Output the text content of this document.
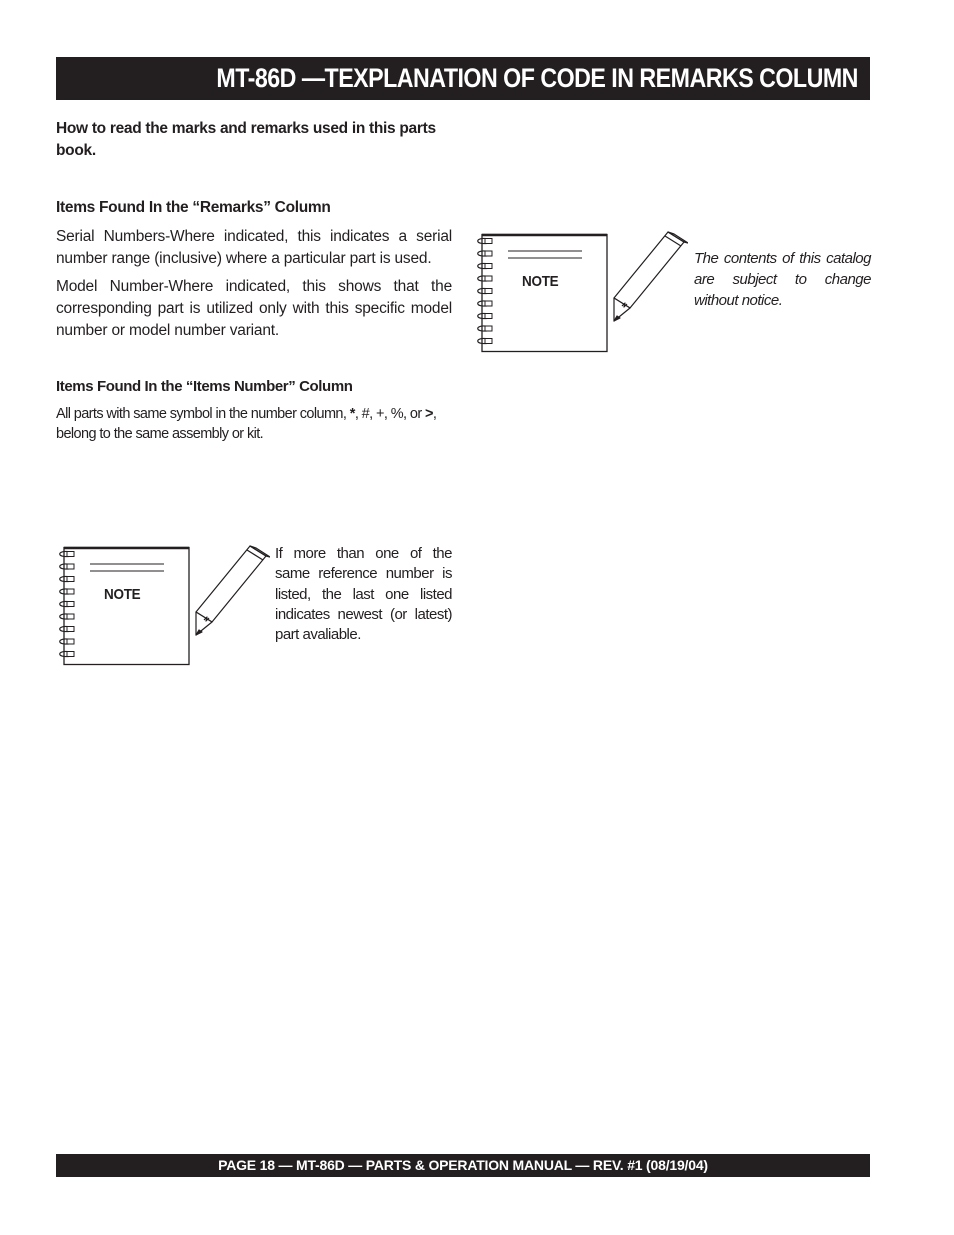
MT-86D —TEXPLANATION OF CODE IN REMARKS COLUMN
How to read the marks and remarks used in this parts book.
Items Found In the “Remarks” Column
Serial Numbers-Where indicated, this indicates a serial number range (inclusive) where a particular part is used.
Model Number-Where indicated, this shows that the corresponding part is utilized only with this specific model number or model number variant.
Items Found In the “Items Number” Column
All parts with same symbol in the number column, *, #, +, %, or >, belong to the same assembly or kit.
NOTE
The contents of this catalog are subject to change without notice.
NOTE
If more than one of the same reference number is listed, the last one listed indicates newest (or latest) part avaliable.
PAGE 18 — MT-86D — PARTS & OPERATION MANUAL — REV. #1 (08/19/04)
